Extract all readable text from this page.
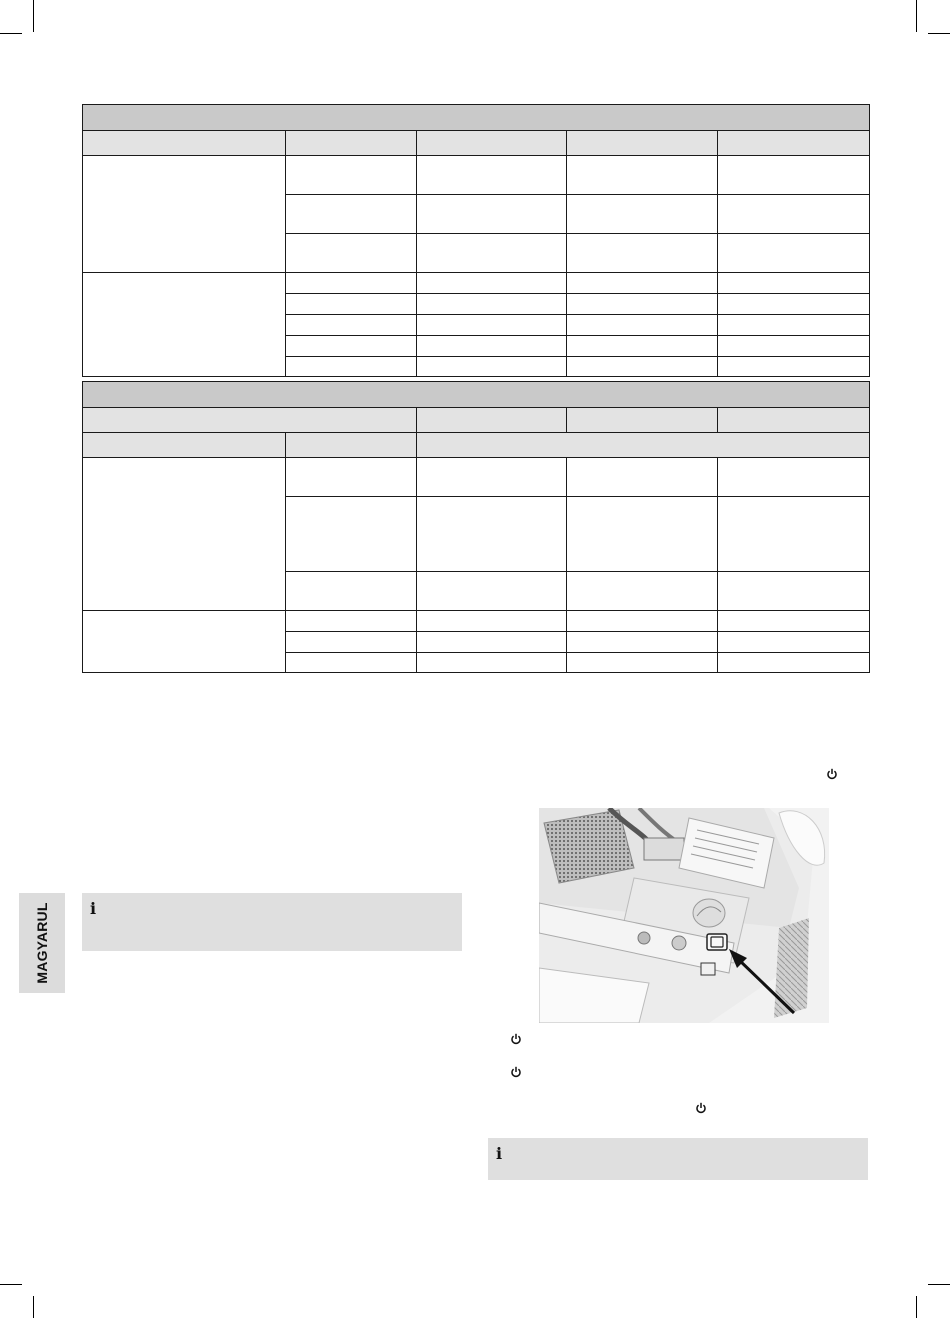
MAGYARUL	i
i
